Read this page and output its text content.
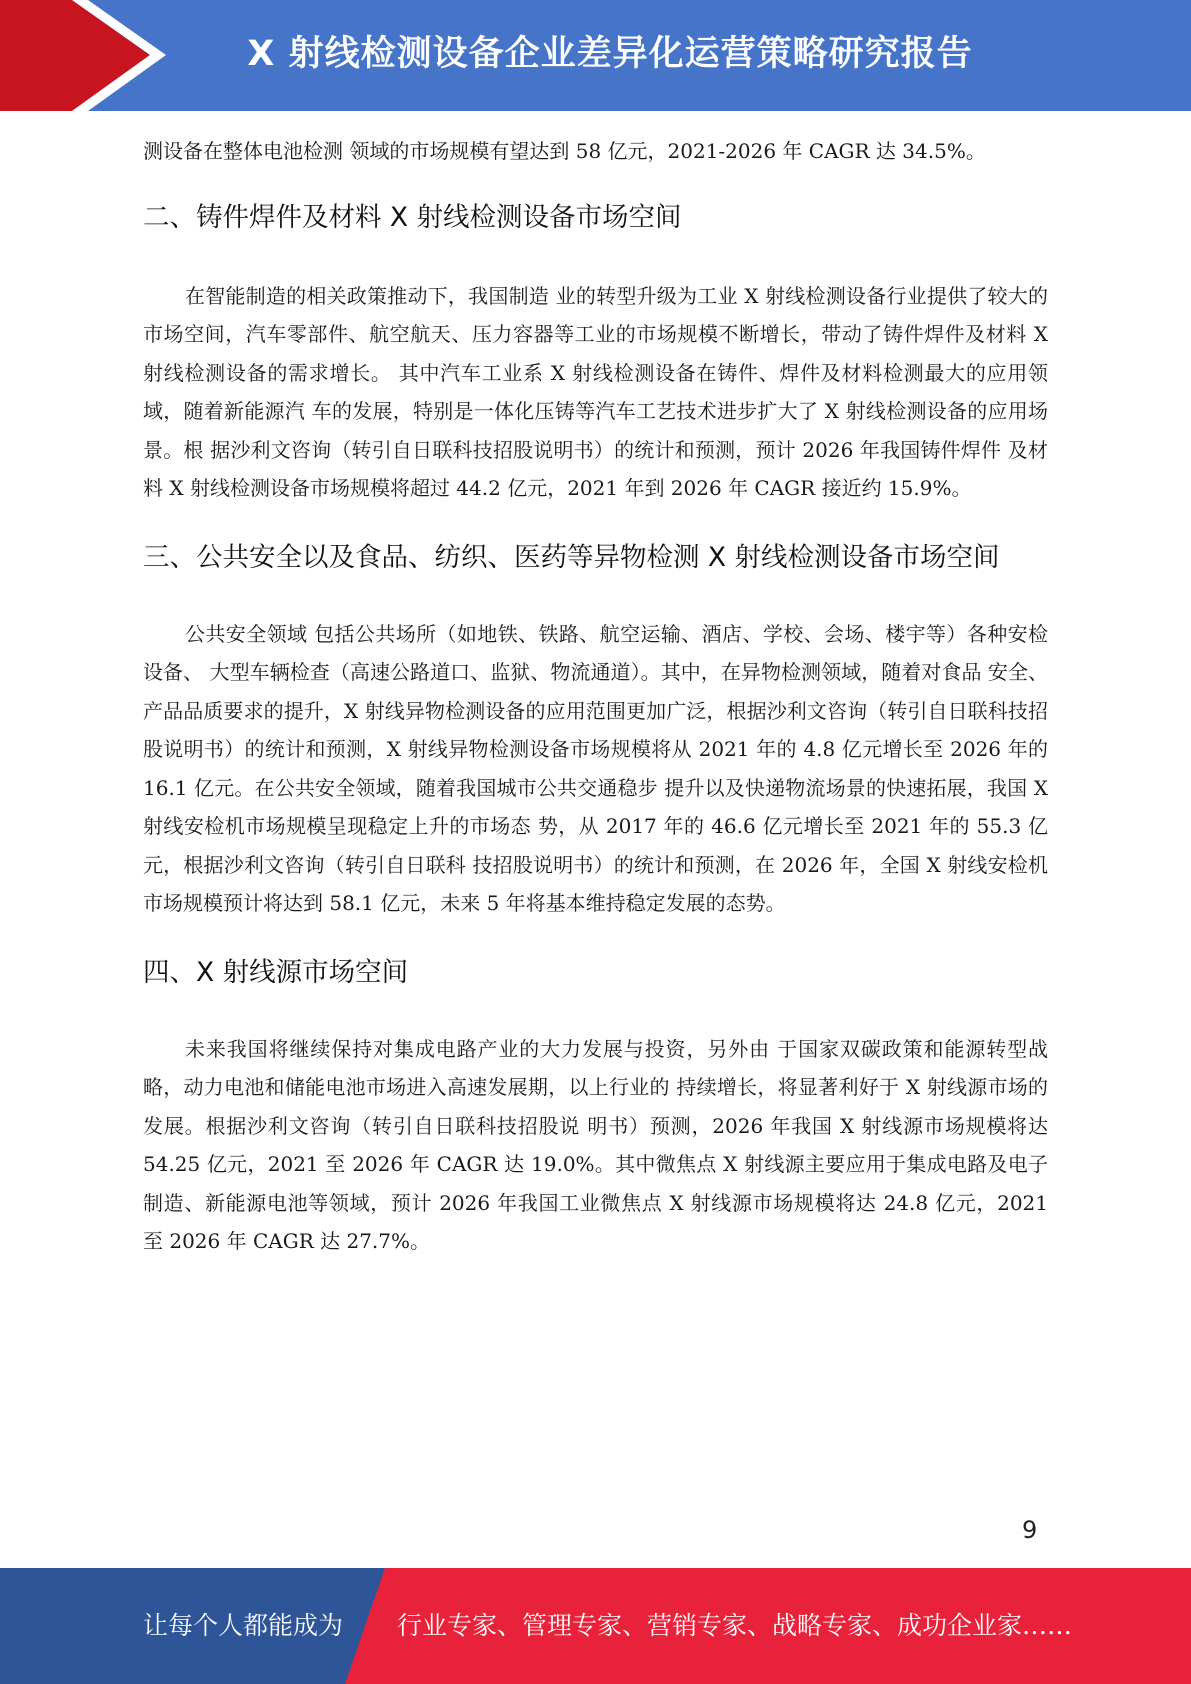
X 射线检测设备企业差异化运营策略研究报告

测设备在整体电池检测 领域的市场规模有望达到 58 亿元，2021-2026 年 CAGR 达 34.5%。

二、铸件焊件及材料 X 射线检测设备市场空间

在智能制造的相关政策推动下，我国制造 业的转型升级为工业 X 射线检测设备行业提供了较大的市场空间，汽车零部件、航空航天、压力容器等工业的市场规模不断增长，带动了铸件焊件及材料 X 射线检测设备的需求增长。 其中汽车工业系 X 射线检测设备在铸件、焊件及材料检测最大的应用领域，随着新能源汽 车的发展，特别是一体化压铸等汽车工艺技术进步扩大了 X 射线检测设备的应用场景。根 据沙利文咨询（转引自日联科技招股说明书）的统计和预测，预计 2026 年我国铸件焊件 及材料 X 射线检测设备市场规模将超过 44.2 亿元，2021 年到 2026 年 CAGR 接近约 15.9%。

三、公共安全以及食品、纺织、医药等异物检测 X 射线检测设备市场空间

公共安全领域 包括公共场所（如地铁、铁路、航空运输、酒店、学校、会场、楼宇等）各种安检设备、 大型车辆检查（高速公路道口、监狱、物流通道）。其中，在异物检测领域，随着对食品 安全、产品品质要求的提升，X 射线异物检测设备的应用范围更加广泛，根据沙利文咨询（转引自日联科技招股说明书）的统计和预测，X 射线异物检测设备市场规模将从 2021 年的 4.8 亿元增长至 2026 年的 16.1 亿元。在公共安全领域，随着我国城市公共交通稳步 提升以及快递物流场景的快速拓展，我国 X 射线安检机市场规模呈现稳定上升的市场态 势，从 2017 年的 46.6 亿元增长至 2021 年的 55.3 亿元，根据沙利文咨询（转引自日联科 技招股说明书）的统计和预测，在 2026 年，全国 X 射线安检机市场规模预计将达到 58.1 亿元，未来 5 年将基本维持稳定发展的态势。

四、X 射线源市场空间

未来我国将继续保持对集成电路产业的大力发展与投资，另外由 于国家双碳政策和能源转型战略，动力电池和储能电池市场进入高速发展期，以上行业的 持续增长，将显著利好于 X 射线源市场的发展。根据沙利文咨询（转引自日联科技招股说 明书）预测，2026 年我国 X 射线源市场规模将达 54.25 亿元，2021 至 2026 年 CAGR 达 19.0%。其中微焦点 X 射线源主要应用于集成电路及电子制造、新能源电池等领域，预计 2026 年我国工业微焦点 X 射线源市场规模将达 24.8 亿元，2021 至 2026 年 CAGR 达 27.7%。

9
让每个人都能成为 行业专家、管理专家、营销专家、战略专家、成功企业家……
